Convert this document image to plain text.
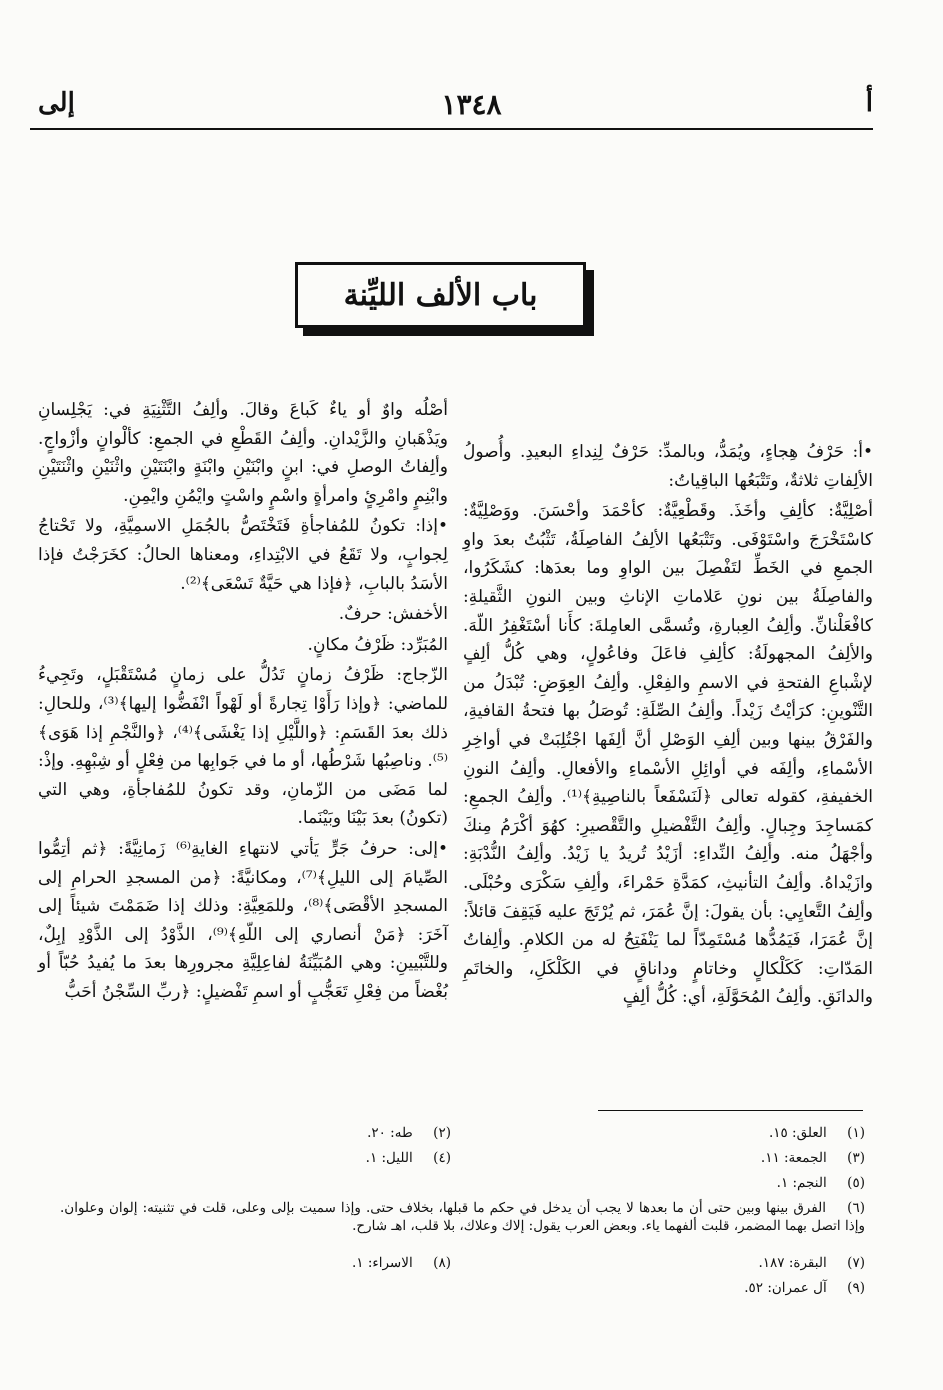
أ
١٣٤٨
إلى
باب الألف الليِّنة

•أ: حَرْفُ هِجاءٍ، ويُمَدُّ، وبالمدِّ: حَرْفٌ لِنِداءِ البعيدِ. وأُصولُ الألِفاتِ ثلاثةٌ، وتَتْبَعُها الباقِياتُ:

أصْلِيَّةٌ: كألِفِ وأخَذَ. وقَطْعِيَّةٌ: كأحْمَدَ وأحْسَنَ. ووَصْلِيَّةٌ: كاسْتَخْرَجَ واسْتَوْفَى. وتَتْبَعُها الألِفُ الفاصِلَةُ، تَثْبُتُ بعدَ واوِ الجمعِ في الخَطِّ لتَفْصِلَ بين الواوِ وما بعدَها: كشَكَرُوا، والفاصِلَةُ بين نونِ عَلاماتِ الإناثِ وبين النونِ الثَّقيلةِ: كافْعَلْنانِّ. وألِفُ العِبارةِ، وتُسمَّى العامِلةَ: كأَنا أسْتَغْفِرُ اللّهَ. والألِفُ المجهولَةُ: كألِفِ فاعَلَ وفاعُولٍ، وهي كُلُّ ألِفٍ لإشْباعِ الفتحةِ في الاسمِ والفِعْلِ. وألِفُ العِوَضِ: تُبْدَلُ من التَّنْوينِ: كرَأيْتُ زَيْداً. وألِفُ الصِّلَةِ: تُوصَلُ بها فتحةُ القافيةِ، والفَرْقُ بينها وبين ألِفِ الوَصْلِ أنَّ ألِفَها اجْتُلِبَتْ في أواخِرِ الأسْماءِ، وألِفَه في أوائِلِ الأسْماءِ والأفعالِ. وألِفُ النونِ الخفيفةِ، كقوله تعالى ﴿لَنَسْفَعاً بالناصِيةِ﴾⁽¹⁾. وألِفُ الجمعِ: كمَساجِدَ وجِبالٍ. وألِفُ التَّفْضيلِ والتَّقْصيرِ: كهُوَ أكْرَمُ مِنكَ وأجْهَلُ منه. وألِفُ النِّداءِ: أزَيْدُ تُريدُ يا زَيْدُ. وألِفُ النُّدْبَةِ: وازَيْداهُ. وألِفُ التأنيثِ، كمَدَّةِ حَمْراءَ، وألِفِ سَكْرَى وحُبْلَى. وألِفُ التَّعايِي: بأن يقولَ: إنَّ عُمَرَ، ثم يُرْتَجَ عليه فَيَقِفَ قائلاً: إنَّ عُمَرَا، فَيَمُدُّها مُسْتَمِدّاً لما يَنْفَتِحُ له من الكلامِ. وألِفاتُ المَدّاتِ: كَكَلْكالٍ وخاتامٍ وداناقٍ في الكَلْكَلِ، والخاتَمِ والدانَقِ. وألِفُ المُحَوَّلَةِ، أي: كُلُّ ألِفٍ

أصْلُه واوٌ أو ياءٌ كَباعَ وقالَ. وألِفُ التَّثْنِيَةِ في: يَجْلِسانِ ويَذْهَبانِ والزَّيْدانِ. وألِفُ القَطْعِ في الجمعِ: كألْوانٍ وأزْواجٍ. وألِفاتُ الوصلِ في: ابنٍ وابْنَيْنِ وابْنَةٍ وابْنَتَيْنِ واثْنَيْنِ واثْنَتَيْنِ وابْنِمٍ وامْرِئٍ وامرأةٍ واسْمٍ واسْتٍ وايْمُنِ وايْمِنِ.

•إذا: تكونُ للمُفاجأةِ فَتَخْتَصُّ بالجُمَلِ الاسمِيَّةِ، ولا تَحْتاجُ لِجوابٍ، ولا تَقَعُ في الابْتِداءِ، ومعناها الحالُ: كخَرَجْتُ فإذا الأسَدُ بالبابِ، ﴿فإذا هي حَيَّةٌ تَسْعَى﴾⁽²⁾.

الأخفش: حرفٌ.

المُبَرِّد: ظَرْفُ مكانٍ.

الزّجاج: ظَرْفُ زمانٍ تَدُلُّ على زمانٍ مُسْتَقْبَلٍ، وتَجِيءُ للماضي: ﴿وإذا رَأَوْا تِجارةً أو لَهْواً انْفَضُّوا إليها﴾⁽³⁾، وللحالِ: ذلك بعدَ القَسَمِ: ﴿واللَّيْلِ إذا يَغْشَى﴾⁽⁴⁾، ﴿والنَّجْمِ إذا هَوَى﴾⁽⁵⁾. وناصِبُها شَرْطُها، أو ما في جَوابِها من فِعْلٍ أو شِبْهِهِ. وإذْ: لما مَضَى من الزّمانِ، وقد تكونُ للمُفاجأةِ، وهي التي (تكونُ) بعدَ بَيْنَا وبَيْنَما.

•إلى: حرفُ جَرٍّ يَأتي لانتهاءِ الغايةِ⁽⁶⁾ زَمانِيَّةً: ﴿ثم أتِمُّوا الصِّيامَ إلى الليلِ﴾⁽⁷⁾، ومكانيَّةً: ﴿من المسجدِ الحرامِ إلى المسجدِ الأقْصَى﴾⁽⁸⁾، وللمَعِيَّةِ: وذلك إذا ضَمَمْتَ شيئاً إلى آخَرَ: ﴿مَنْ أنصاري إلى اللّهِ﴾⁽⁹⁾، الذَّوْدُ إلى الذَّوْدِ إبِلٌ، وللتَّبْيينِ: وهي المُبَيِّنَةُ لفاعِلِيَّةِ مجرورِها بعدَ ما يُفيدُ حُبّاً أو بُغْضاً من فِعْلِ تَعَجُّبٍ أو اسمِ تَفْضيلٍ: ﴿ربِّ السِّجْنُ أحَبُّ

(١) العلق: ١٥.
(٢) طه: ٢٠.
(٣) الجمعة: ١١.
(٤) الليل: ١.
(٥) النجم: ١.
(٦) الفرق بينها وبين حتى أن ما بعدها لا يجب أن يدخل في حكم ما قبلها، بخلاف حتى. وإذا سميت بإلى وعلى، قلت في تثنيته: إلوان وعلوان. وإذا اتصل بهما المضمر، قلبت ألفهما ياء. وبعض العرب يقول: إلاك وعلاك، بلا قلب، اهـ شارح.
(٧) البقرة: ١٨٧.
(٨) الاسراء: ١.
(٩) آل عمران: ٥٢.
